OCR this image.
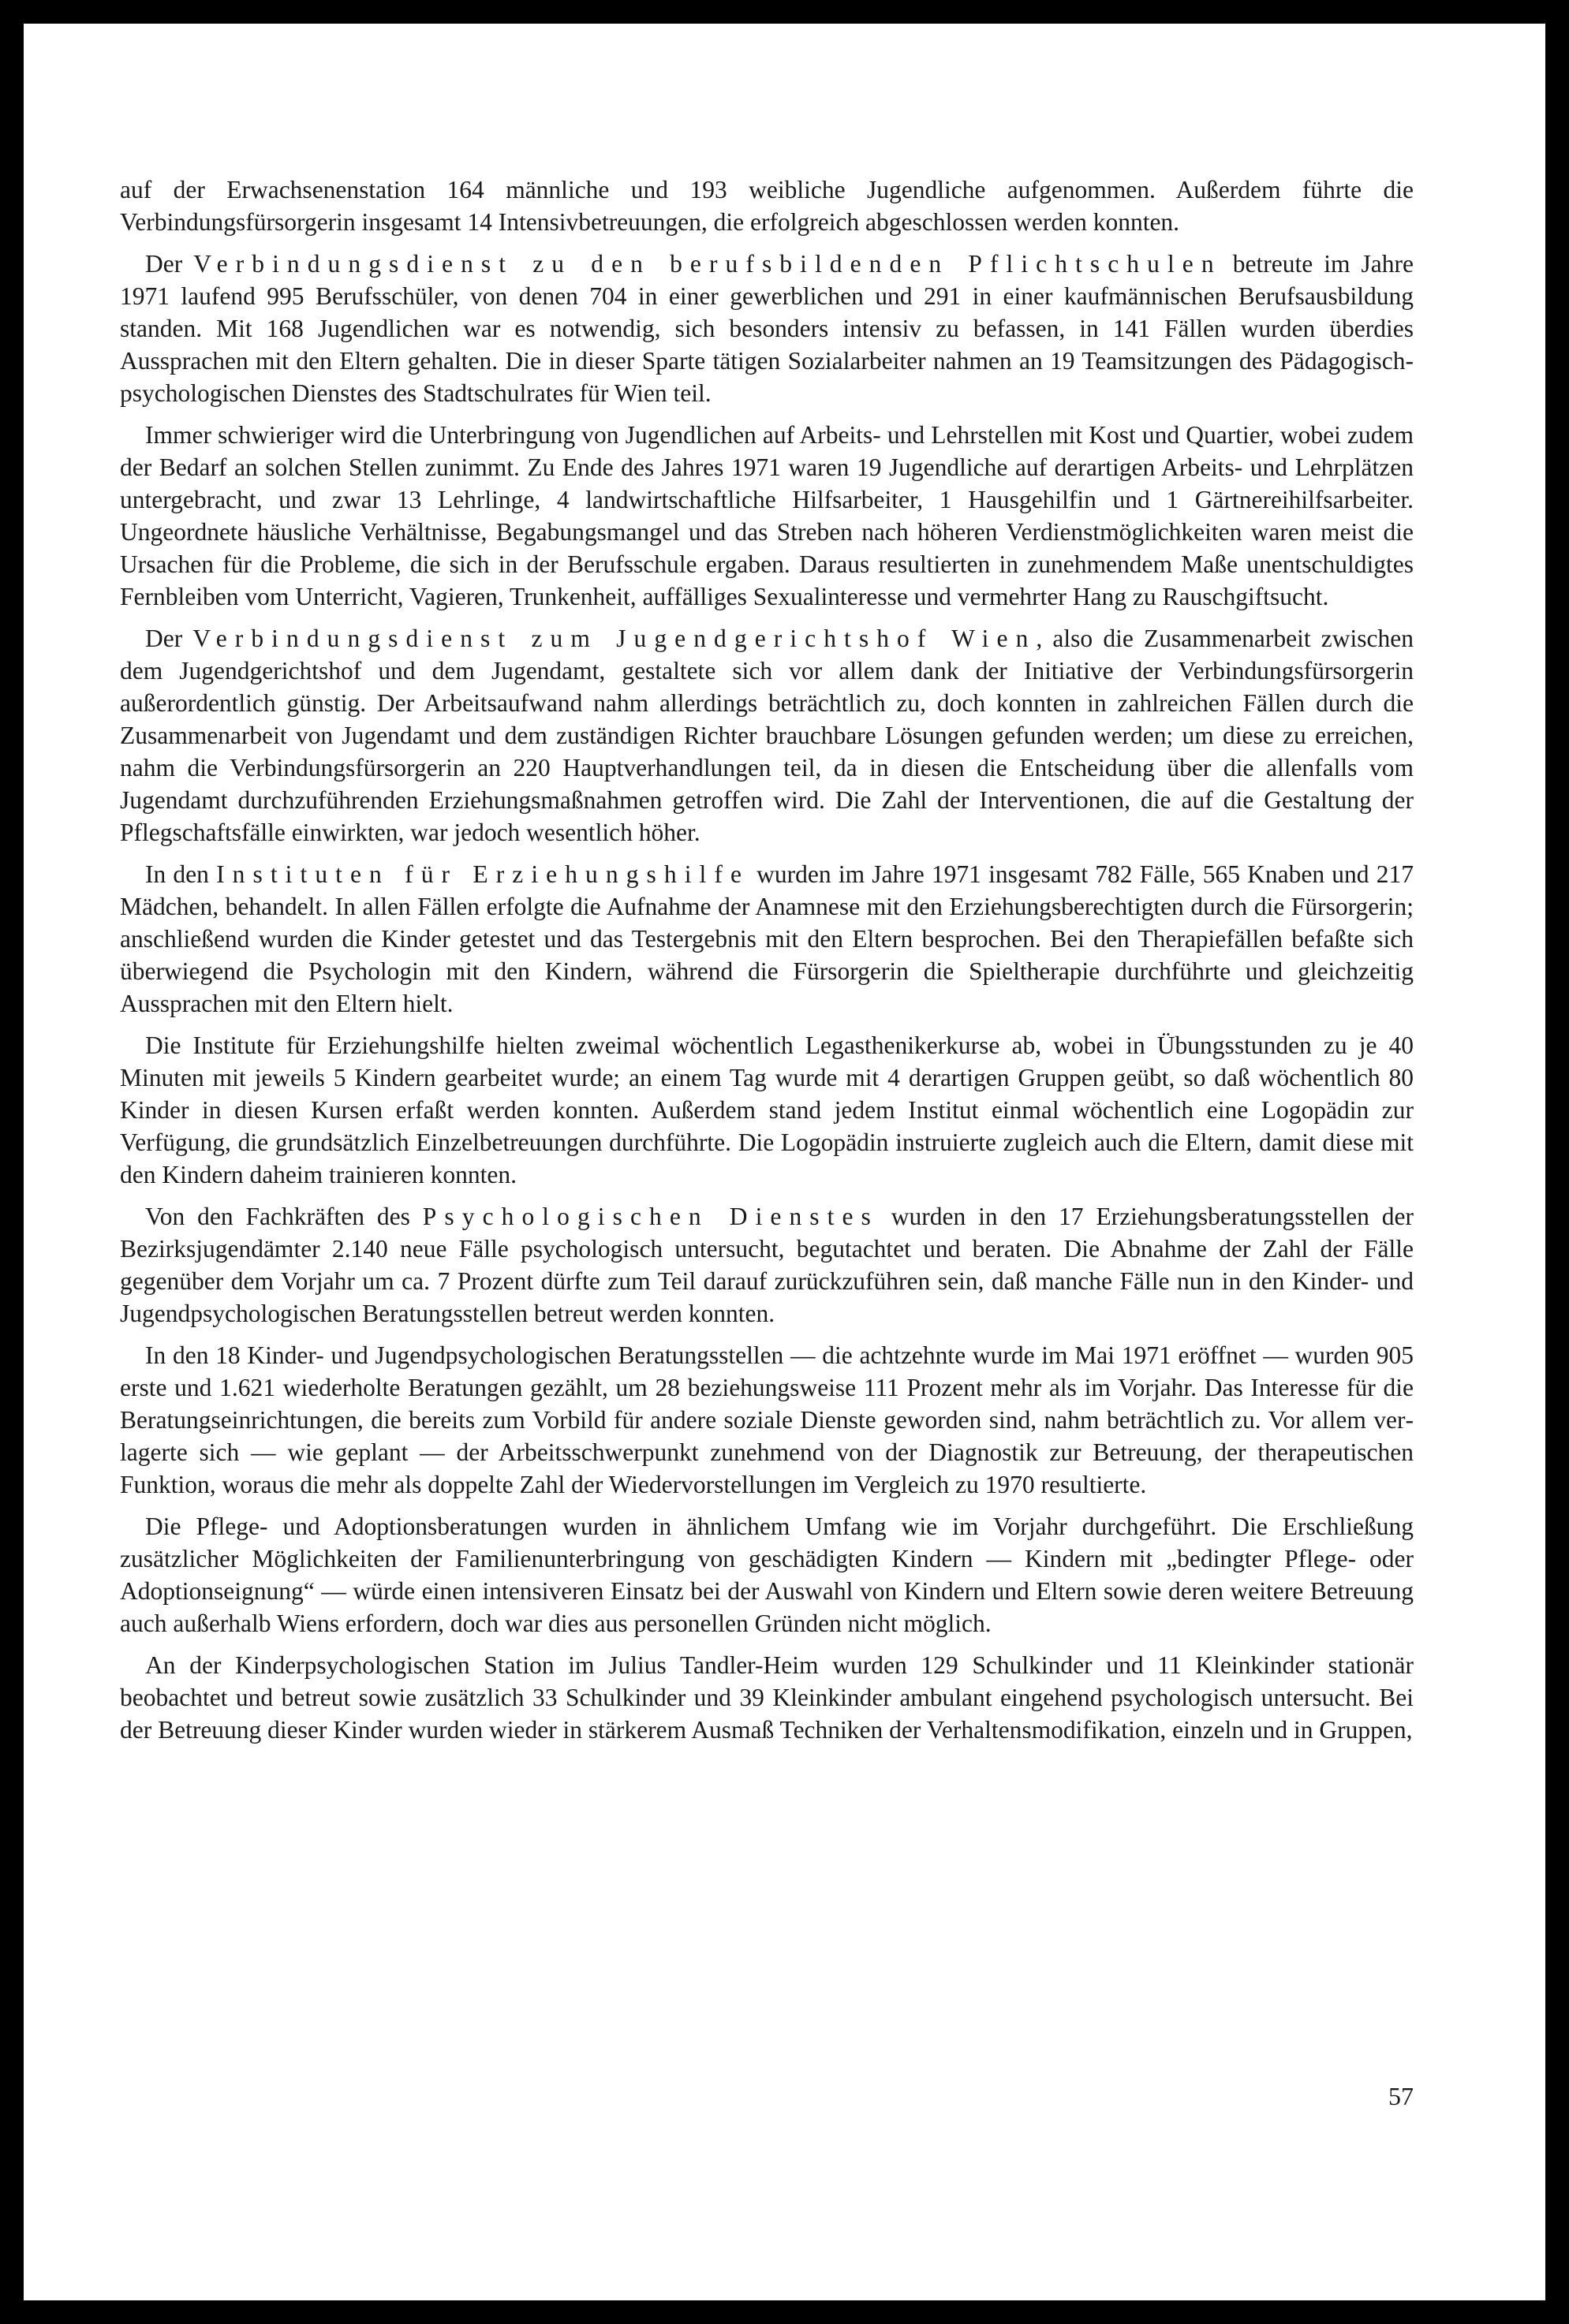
auf der Erwachsenenstation 164 männliche und 193 weibliche Jugendliche aufgenommen. Außerdem führte die Verbindungsfürsorgerin insgesamt 14 Intensivbetreuungen, die erfolgreich abgeschlossen werden konnten.

Der Verbindungsdienst zu den berufsbildenden Pflichtschulen betreute im Jahre 1971 laufend 995 Berufsschüler, von denen 704 in einer gewerblichen und 291 in einer kaufmännischen Berufsausbildung standen. Mit 168 Jugendlichen war es notwendig, sich besonders intensiv zu befassen, in 141 Fällen wurden überdies Aussprachen mit den Eltern gehalten. Die in dieser Sparte tätigen Sozialarbeiter nahmen an 19 Teamsitzungen des Pädagogisch-psychologischen Dienstes des Stadtschulrates für Wien teil.

Immer schwieriger wird die Unterbringung von Jugendlichen auf Arbeits- und Lehrstellen mit Kost und Quartier, wobei zudem der Bedarf an solchen Stellen zunimmt. Zu Ende des Jahres 1971 waren 19 Jugendliche auf derartigen Arbeits- und Lehrplätzen untergebracht, und zwar 13 Lehrlinge, 4 landwirtschaftliche Hilfsarbeiter, 1 Hausgehilfin und 1 Gärtnereihilfsarbeiter. Ungeordnete häusliche Verhältnisse, Begabungsmangel und das Streben nach höheren Verdienstmöglichkeiten waren meist die Ursachen für die Probleme, die sich in der Berufsschule ergaben. Daraus resultierten in zunehmendem Maße unentschuldigtes Fernbleiben vom Unterricht, Vagieren, Trunkenheit, auffälliges Sexualinteresse und vermehrter Hang zu Rauschgiftsucht.

Der Verbindungsdienst zum Jugendgerichtshof Wien, also die Zusammenarbeit zwischen dem Jugendgerichtshof und dem Jugendamt, gestaltete sich vor allem dank der Initiative der Verbindungsfürsorgerin außerordentlich günstig. Der Arbeitsaufwand nahm allerdings beträchtlich zu, doch konnten in zahlreichen Fällen durch die Zusammenarbeit von Jugendamt und dem zuständigen Richter brauchbare Lösungen gefunden werden; um diese zu erreichen, nahm die Verbindungsfürsorgerin an 220 Hauptverhandlungen teil, da in diesen die Entscheidung über die allenfalls vom Jugendamt durchzuführenden Erziehungsmaßnahmen getroffen wird. Die Zahl der Interventionen, die auf die Gestaltung der Pflegschaftsfälle einwirkten, war jedoch wesentlich höher.

In den Instituten für Erziehungshilfe wurden im Jahre 1971 insgesamt 782 Fälle, 565 Knaben und 217 Mädchen, behandelt. In allen Fällen erfolgte die Aufnahme der Anamnese mit den Erziehungsberechtigten durch die Fürsorgerin; anschließend wurden die Kinder getestet und das Testergebnis mit den Eltern besprochen. Bei den Therapiefällen befaßte sich überwiegend die Psychologin mit den Kindern, während die Fürsorgerin die Spieltherapie durchführte und gleichzeitig Aussprachen mit den Eltern hielt.

Die Institute für Erziehungshilfe hielten zweimal wöchentlich Legasthenikerkurse ab, wobei in Übungsstunden zu je 40 Minuten mit jeweils 5 Kindern gearbeitet wurde; an einem Tag wurde mit 4 derartigen Gruppen geübt, so daß wöchentlich 80 Kinder in diesen Kursen erfaßt werden konnten. Außerdem stand jedem Institut einmal wöchentlich eine Logopädin zur Verfügung, die grundsätzlich Einzelbetreuungen durchführte. Die Logopädin instruierte zugleich auch die Eltern, damit diese mit den Kindern daheim trainieren konnten.

Von den Fachkräften des Psychologischen Dienstes wurden in den 17 Erziehungsberatungsstellen der Bezirksjugendämter 2.140 neue Fälle psychologisch untersucht, begutachtet und beraten. Die Abnahme der Zahl der Fälle gegenüber dem Vorjahr um ca. 7 Prozent dürfte zum Teil darauf zurückzuführen sein, daß manche Fälle nun in den Kinder- und Jugendpsychologischen Beratungsstellen betreut werden konnten.

In den 18 Kinder- und Jugendpsychologischen Beratungsstellen — die achtzehnte wurde im Mai 1971 eröffnet — wurden 905 erste und 1.621 wiederholte Beratungen gezählt, um 28 beziehungsweise 111 Prozent mehr als im Vorjahr. Das Interesse für die Beratungseinrichtungen, die bereits zum Vorbild für andere soziale Dienste geworden sind, nahm beträchtlich zu. Vor allem verlagerte sich — wie geplant — der Arbeitsschwerpunkt zunehmend von der Diagnostik zur Betreuung, der therapeutischen Funktion, woraus die mehr als doppelte Zahl der Wiedervorstellungen im Vergleich zu 1970 resultierte.

Die Pflege- und Adoptionsberatungen wurden in ähnlichem Umfang wie im Vorjahr durchgeführt. Die Erschließung zusätzlicher Möglichkeiten der Familienunterbringung von geschädigten Kindern — Kindern mit „bedingter Pflege- oder Adoptionseignung“ — würde einen intensiveren Einsatz bei der Auswahl von Kindern und Eltern sowie deren weitere Betreuung auch außerhalb Wiens erfordern, doch war dies aus personellen Gründen nicht möglich.

An der Kinderpsychologischen Station im Julius Tandler-Heim wurden 129 Schulkinder und 11 Kleinkinder stationär beobachtet und betreut sowie zusätzlich 33 Schulkinder und 39 Kleinkinder ambulant eingehend psychologisch untersucht. Bei der Betreuung dieser Kinder wurden wieder in stärkerem Ausmaß Techniken der Verhaltensmodifikation, einzeln und in Gruppen,

57
